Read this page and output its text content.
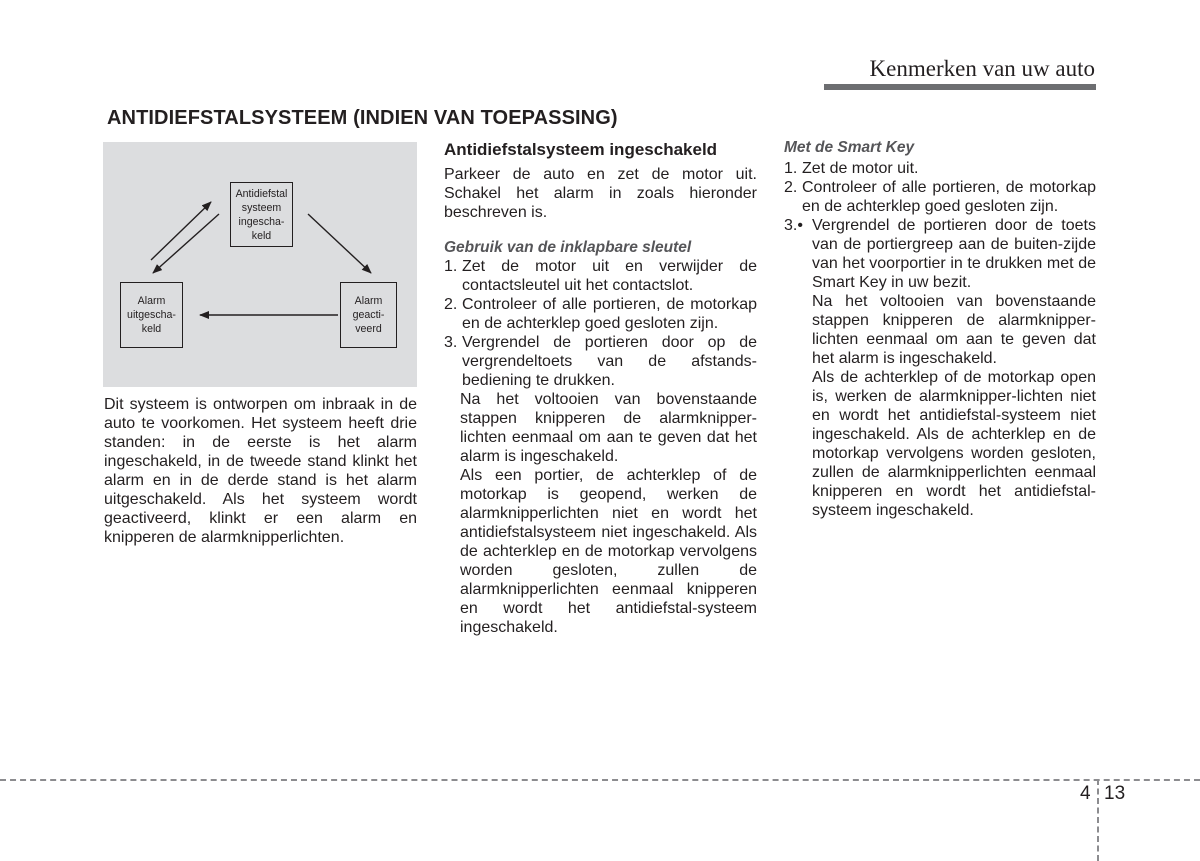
Kenmerken van uw auto
ANTIDIEFSTALSYSTEEM (INDIEN VAN TOEPASSING)
Antidiefstal
systeem
ingescha-
keld
Alarm
uitgescha-
keld
Alarm
geacti-
veerd

Dit systeem is ontworpen om inbraak in de auto te voorkomen. Het systeem heeft drie standen: in de eerste is het alarm ingeschakeld, in de tweede stand klinkt het alarm en in de derde stand is het alarm uitgeschakeld. Als het systeem wordt geactiveerd, klinkt er een alarm en knipperen de alarmknipperlichten.

Antidiefstalsysteem ingeschakeld

Parkeer de auto en zet de motor uit. Schakel het alarm in zoals hieronder beschreven is.

Gebruik van de inklapbare sleutel

1. Zet de motor uit en verwijder de contactsleutel uit het contactslot.
2. Controleer of alle portieren, de motorkap en de achterklep goed gesloten zijn.
3. Vergrendel de portieren door op de vergrendeltoets van de afstands-bediening te drukken.

Na het voltooien van bovenstaande stappen knipperen de alarmknipper-lichten eenmaal om aan te geven dat het alarm is ingeschakeld.

Als een portier, de achterklep of de motorkap is geopend, werken de alarmknipperlichten niet en wordt het antidiefstalsysteem niet ingeschakeld. Als de achterklep en de motorkap vervolgens worden gesloten, zullen de alarmknipperlichten eenmaal knipperen en wordt het antidiefstal-systeem ingeschakeld.

Met de Smart Key

1. Zet de motor uit.
2. Controleer of alle portieren, de motorkap en de achterklep goed gesloten zijn.
3.• Vergrendel de portieren door de toets van de portiergreep aan de buiten-zijde van het voorportier in te drukken met de Smart Key in uw bezit.

Na het voltooien van bovenstaande stappen knipperen de alarmknipper-lichten eenmaal om aan te geven dat het alarm is ingeschakeld.

Als de achterklep of de motorkap open is, werken de alarmknipper-lichten niet en wordt het antidiefstal-systeem niet ingeschakeld. Als de achterklep en de motorkap vervolgens worden gesloten, zullen de alarmknipperlichten eenmaal knipperen en wordt het antidiefstal-systeem ingeschakeld.

4 13
